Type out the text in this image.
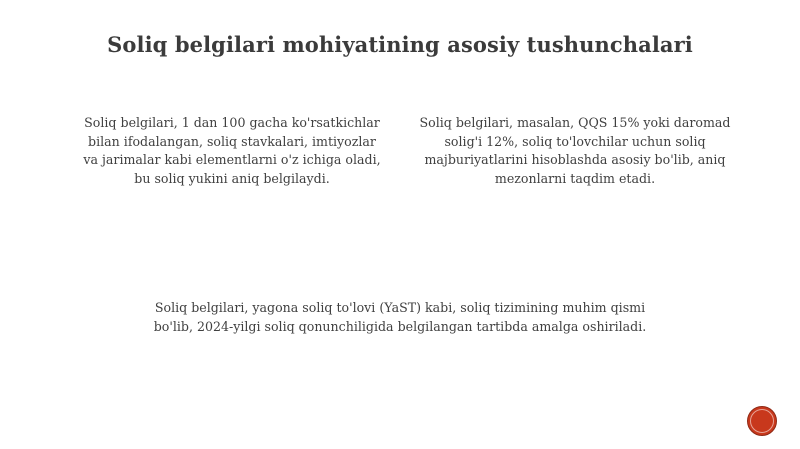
Soliq belgilari mohiyatining asosiy tushunchalari

Soliq belgilari, 1 dan 100 gacha ko'rsatkichlar bilan ifodalangan, soliq stavkalari, imtiyozlar va jarimalar kabi elementlarni o'z ichiga oladi, bu soliq yukini aniq belgilaydi.

Soliq belgilari, masalan, QQS 15% yoki daromad solig'i 12%, soliq to'lovchilar uchun soliq majburiyatlarini hisoblashda asosiy bo'lib, aniq mezonlarni taqdim etadi.

Soliq belgilari, yagona soliq to'lovi (YaST) kabi, soliq tizimining muhim qismi bo'lib, 2024-yilgi soliq qonunchiligida belgilangan tartibda amalga oshiriladi.
